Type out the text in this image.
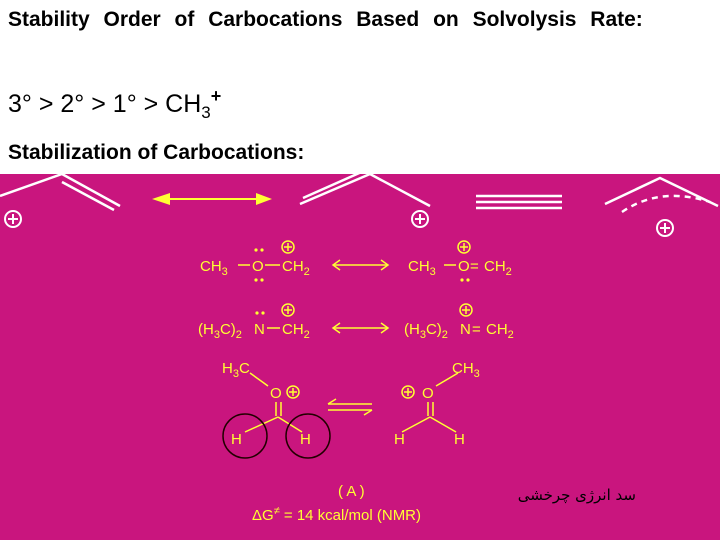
Stability Order of Carbocations Based on Solvolysis Rate:
$3^\circ > 2^\circ > 1^\circ > CH_3^+$
Stabilization of Carbocations:
$CH_3$ O $CH_2$	$CH_3$ $O = CH_2$
$(H_3C)_2$ N $CH_2$	$(H_3C)_2$ $N = CH_2$
$H_3C$
O
$CH_3$
O
H	H	H	H
( A )
ΔG≠ = 14 kcal/mol (NMR)
سد انرژی چرخشی
